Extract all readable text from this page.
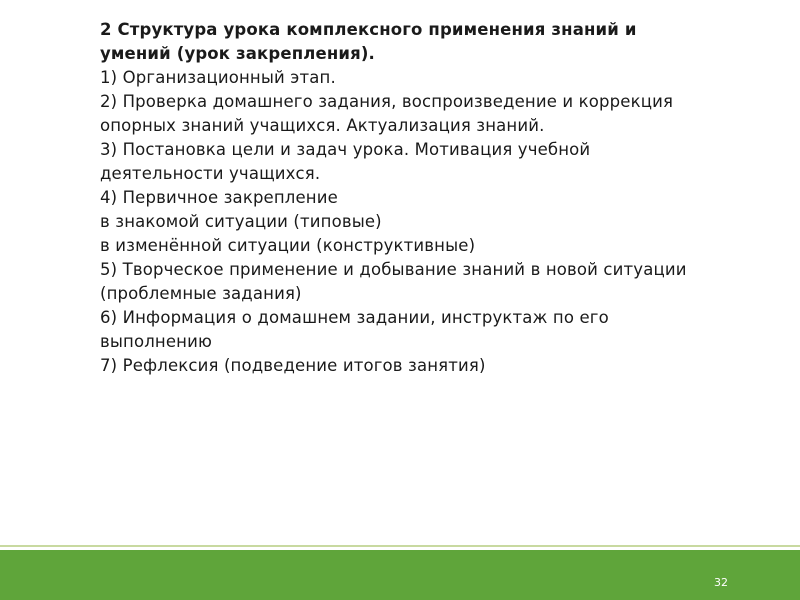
2 Структура урока комплексного применения знаний и умений (урок закрепления).

1) Организационный этап.

2) Проверка домашнего задания, воспроизведение и коррекция опорных знаний учащихся. Актуализация знаний.

3) Постановка цели и задач урока. Мотивация учебной деятельности учащихся.

4) Первичное закрепление

в знакомой ситуации (типовые)

в изменённой ситуации (конструктивные)

5) Творческое применение и добывание знаний в новой ситуации (проблемные задания)

6) Информация о домашнем задании, инструктаж по его выполнению

7) Рефлексия (подведение итогов занятия)

32
